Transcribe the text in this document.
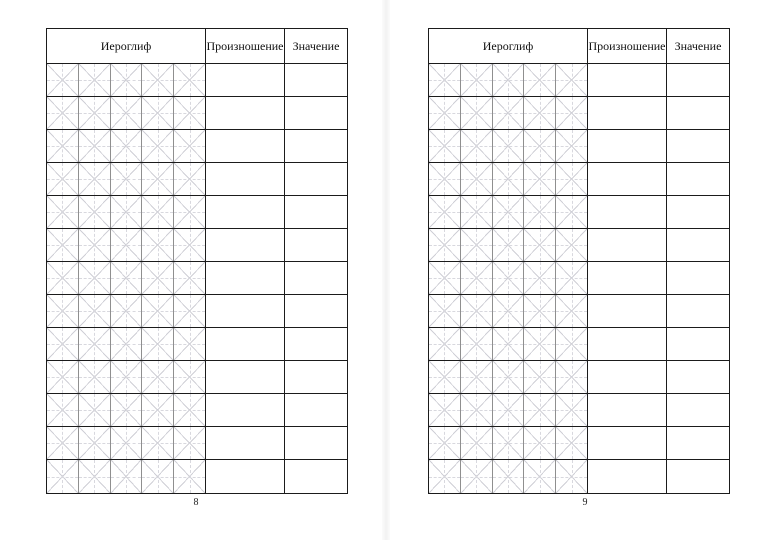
Иероглиф	Произношение Значение
8
Иероглиф	Произношение Значение
9
